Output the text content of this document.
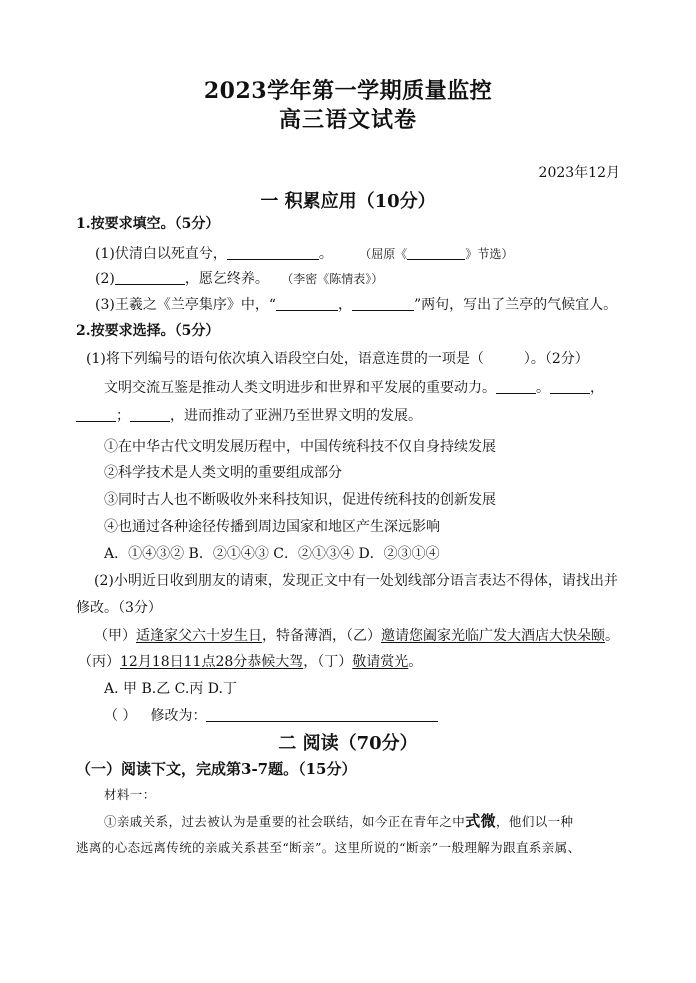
2023学年第一学期质量监控
高三语文试卷
2023年12月
一 积累应用（10分）
1.按要求填空。（5分）
(1)伏清白以死直兮，	。 （屈原《	》节选）
(2)	，愿乞终养。 （李密《陈情表》）
(3)王羲之《兰亭集序》中，“	，	”两句，写出了兰亭的气候宜人。
2.按要求选择。（5分）
(1)将下列编号的语句依次填入语段空白处，语意连贯的一项是（	）。（2分）
文明交流互鉴是推动人类文明进步和世界和平发展的重要动力。	。	，
；	，进而推动了亚洲乃至世界文明的发展。
①在中华古代文明发展历程中，中国传统科技不仅自身持续发展
②科学技术是人类文明的重要组成部分
③同时古人也不断吸收外来科技知识，促进传统科技的创新发展
④也通过各种途径传播到周边国家和地区产生深远影响
A．①④③② B．②①④③ C．②①③④ D．②③①④
(2)小明近日收到朋友的请柬，发现正文中有一处划线部分语言表达不得体，请找出并
修改。（3分）
（甲）适逢家父六十岁生日，特备薄酒，（乙）邀请您阖家光临广发大酒店大快朵颐。
（丙）12月18日11点28分恭候大驾，（丁）敬请赏光。
A. 甲 B.乙 C.丙 D.丁
（ ） 修改为：
二 阅读（70分）
（一）阅读下文，完成第3-7题。（15分）
材料一：
①亲戚关系，过去被认为是重要的社会联结，如今正在青年之中式微，他们以一种
逃离的心态远离传统的亲戚关系甚至“断亲”。这里所说的“断亲”一般理解为跟直系亲属、
